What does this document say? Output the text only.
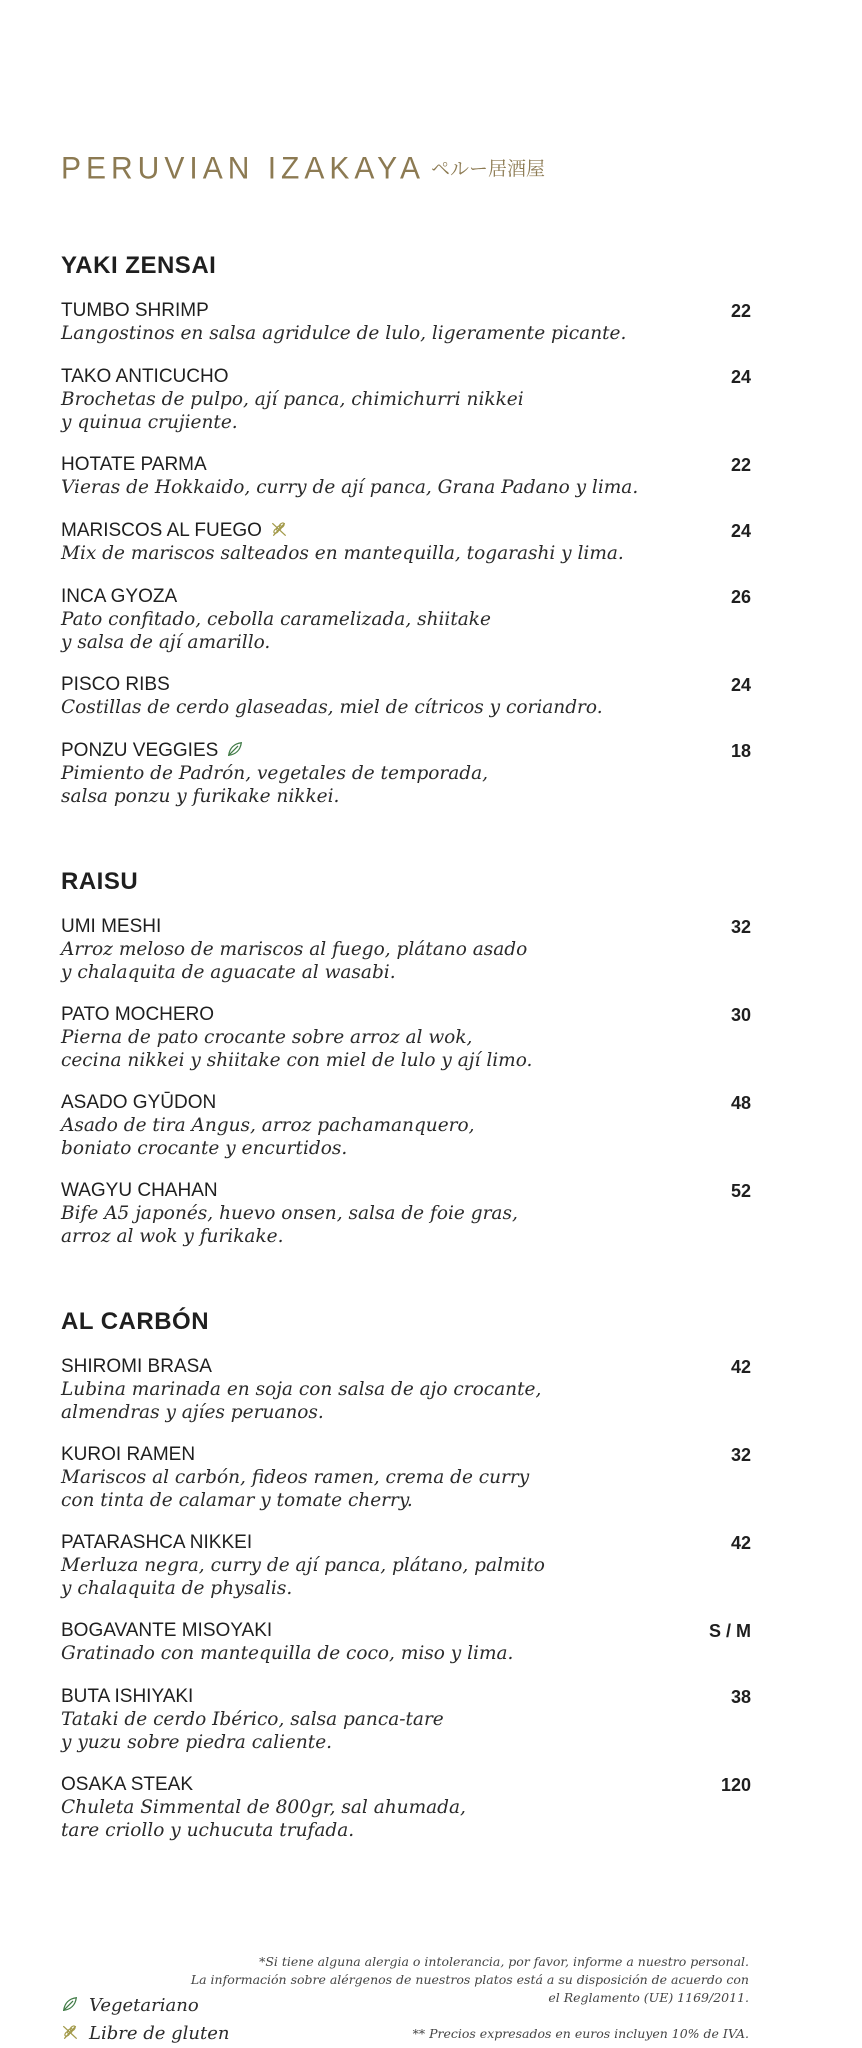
PERUVIAN IZAKAYA ペルー居酒屋
YAKI ZENSAI
TUMBO SHRIMP
Langostinos en salsa agridulce de lulo, ligeramente picante.
22
TAKO ANTICUCHO
Brochetas de pulpo, ají panca, chimichurri nikkei
y quinua crujiente.
24
HOTATE PARMA
Vieras de Hokkaido, curry de ají panca, Grana Padano y lima.
22
MARISCOS AL FUEGO
Mix de mariscos salteados en mantequilla, togarashi y lima.
24
INCA GYOZA
Pato confitado, cebolla caramelizada, shiitake
y salsa de ají amarillo.
26
PISCO RIBS
Costillas de cerdo glaseadas, miel de cítricos y coriandro.
24
PONZU VEGGIES
Pimiento de Padrón, vegetales de temporada,
salsa ponzu y furikake nikkei.
18
RAISU
UMI MESHI
Arroz meloso de mariscos al fuego, plátano asado
y chalaquita de aguacate al wasabi.
32
PATO MOCHERO
Pierna de pato crocante sobre arroz al wok,
cecina nikkei y shiitake con miel de lulo y ají limo.
30
ASADO GYŪDON
Asado de tira Angus, arroz pachamanquero,
boniato crocante y encurtidos.
48
WAGYU CHAHAN
Bife A5 japonés, huevo onsen, salsa de foie gras,
arroz al wok y furikake.
52
AL CARBÓN
SHIROMI BRASA
Lubina marinada en soja con salsa de ajo crocante,
almendras y ajíes peruanos.
42
KUROI RAMEN
Mariscos al carbón, fideos ramen, crema de curry
con tinta de calamar y tomate cherry.
32
PATARASHCA NIKKEI
Merluza negra, curry de ají panca, plátano, palmito
y chalaquita de physalis.
42
BOGAVANTE MISOYAKI
Gratinado con mantequilla de coco, miso y lima.
S / M
BUTA ISHIYAKI
Tataki de cerdo Ibérico, salsa panca-tare
y yuzu sobre piedra caliente.
38
OSAKA STEAK
Chuleta Simmental de 800gr, sal ahumada,
tare criollo y uchucuta trufada.
120

*Si tiene alguna alergia o intolerancia, por favor, informe a nuestro personal.

La información sobre alérgenos de nuestros platos está a su disposición de acuerdo con

el Reglamento (UE) 1169/2011.

** Precios expresados en euros incluyen 10% de IVA.

Vegetariano
Libre de gluten
